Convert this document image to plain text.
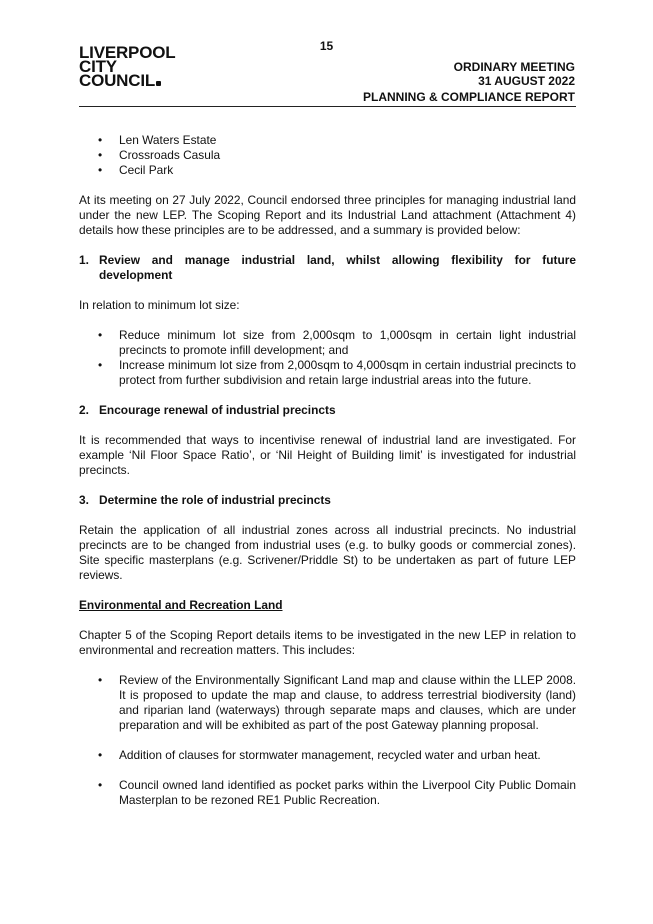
15
LIVERPOOL
CITY
COUNCIL
ORDINARY MEETING
31 AUGUST 2022
PLANNING & COMPLIANCE REPORT
• Len Waters Estate
• Crossroads Casula
• Cecil Park

At its meeting on 27 July 2022, Council endorsed three principles for managing industrial land under the new LEP. The Scoping Report and its Industrial Land attachment (Attachment 4) details how these principles are to be addressed, and a summary is provided below:

1. Review and manage industrial land, whilst allowing flexibility for future development

In relation to minimum lot size:

• Reduce minimum lot size from 2,000sqm to 1,000sqm in certain light industrial precincts to promote infill development; and
• Increase minimum lot size from 2,000sqm to 4,000sqm in certain industrial precincts to protect from further subdivision and retain large industrial areas into the future.
2. Encourage renewal of industrial precincts

It is recommended that ways to incentivise renewal of industrial land are investigated. For example ‘Nil Floor Space Ratio’, or ‘Nil Height of Building limit’ is investigated for industrial precincts.

3. Determine the role of industrial precincts

Retain the application of all industrial zones across all industrial precincts. No industrial precincts are to be changed from industrial uses (e.g. to bulky goods or commercial zones). Site specific masterplans (e.g. Scrivener/Priddle St) to be undertaken as part of future LEP reviews.

Environmental and Recreation Land

Chapter 5 of the Scoping Report details items to be investigated in the new LEP in relation to environmental and recreation matters. This includes:

• Review of the Environmentally Significant Land map and clause within the LLEP 2008. It is proposed to update the map and clause, to address terrestrial biodiversity (land) and riparian land (waterways) through separate maps and clauses, which are under preparation and will be exhibited as part of the post Gateway planning proposal.
• Addition of clauses for stormwater management, recycled water and urban heat.
• Council owned land identified as pocket parks within the Liverpool City Public Domain Masterplan to be rezoned RE1 Public Recreation.
